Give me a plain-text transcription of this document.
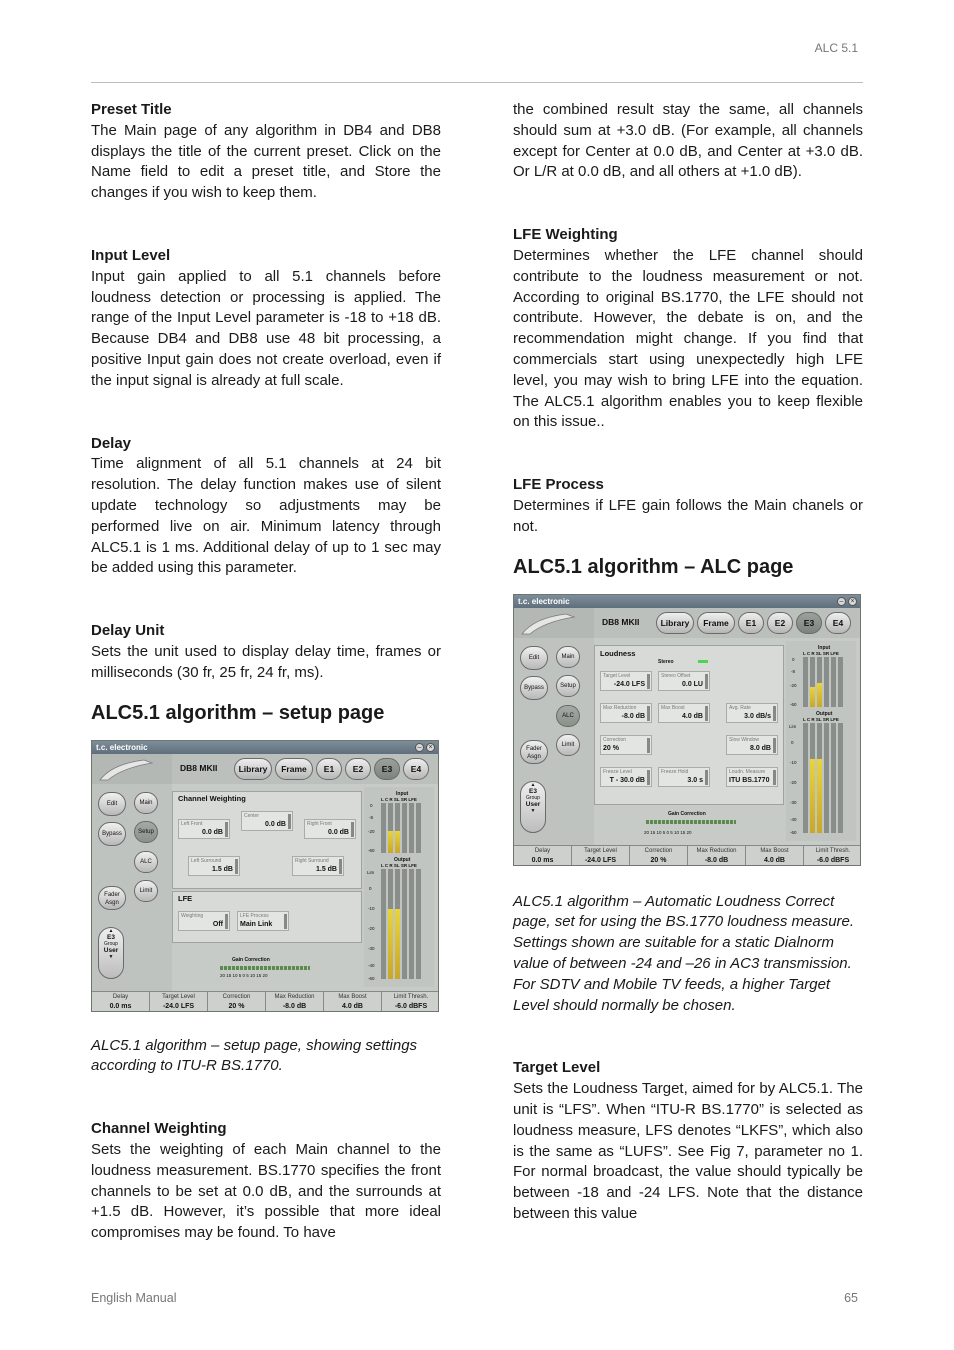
ALC 5.1
English Manual	65
Preset Title
The Main page of any algorithm in DB4 and DB8 displays the title of the current preset. Click on the Name field to edit a preset title, and Store the changes if you wish to keep them.
Input Level
Input gain applied to all 5.1 channels before loudness detection or processing is applied. The range of the Input Level parameter is -18 to +18 dB. Because DB4 and DB8 use 48 bit processing, a positive Input gain does not create overload, even if the input signal is already at full scale.
Delay
Time alignment of all 5.1 channels at 24 bit resolution. The delay function makes use of silent update technology so adjustments may be performed live on air. Minimum latency through ALC5.1 is 1 ms. Additional delay of up to 1 sec may be added using this parameter.
Delay Unit
Sets the unit used to display delay time, frames or milliseconds (30 fr, 25 fr, 24 fr, ms).
ALC5.1 algorithm – setup page
t.c. electronic	–	×
DB8 MKII	Library	Frame	E1	E2	E3	E4
Edit
Bypass
Fader Asgn
▲
E3
Group
User
▼
Main
Setup
ALC
Limit
Channel Weighting
Left Front
0.0 dB
Center
0.0 dB	Right Front
0.0 dB
Left Surround
1.5 dB
Right Surround
1.5 dB
LFE
Weighting
Off
LFE Process
Main Link
Input
L C R SL SR LFE
Output
L C R SL SR LFE
0
-8
-20
-60
Lim
0
-10
-20
-30
-40
-60
Gain Correction
20 15 10 5 0 5 10 15 20
Delay
0.0 ms
Target Level
-24.0 LFS
Correction
20 %
Max Reduction
-8.0 dB
Max Boost
4.0 dB
Limit Thresh.
-6.0 dBFS
ALC5.1 algorithm – setup page, showing settings according to ITU-R BS.1770.
Channel Weighting
Sets the weighting of each Main channel to the loudness measurement. BS.1770 specifies the front channels to be set at 0.0 dB, and the surrounds at +1.5 dB. However, it’s possible that more ideal compromises may be found. To have
the combined result stay the same, all channels should sum at +3.0 dB. (For example, all channels except for Center at 0.0 dB, and Center at +3.0 dB. Or L/R at 0.0 dB, and all others at +1.0 dB).
LFE Weighting
Determines whether the LFE channel should contribute to the loudness measurement or not. According to original BS.1770, the LFE should not contribute. However, the debate is on, and the recommendation might change. If you find that commercials start using unexpectedly high LFE level, you may wish to bring LFE into the equation. The ALC5.1 algorithm enables you to keep flexible on this issue..
LFE Process
Determines if LFE gain follows the Main chanels or not.
ALC5.1 algorithm – ALC page
t.c. electronic	–	×
DB8 MKII	Library	Frame	E1	E2	E3	E4
Edit
Bypass
Fader Asgn
▲
E3
Group
User
▼
Main
Setup
ALC
Limit
Loudness
Stereo
Target Level
-24.0 LFS
Stereo Offset
0.0 LU
Max Reduction
-8.0 dB
Max Boost
4.0 dB
Avg. Rate
3.0 dB/s
Correction
20 %
Slow Window
8.0 dB
Freeze Level
T - 30.0 dB
Freeze Hold
3.0 s
Loudn. Measure
ITU BS.1770
Input
L C R SL SR LFE
Output
L C R SL SR LFE
0
-8
-20
-60
Lim
0
-10
-20
-30
-40
-60
Gain Correction
20 15 10 5 0 5 10 15 20
Delay
0.0 ms
Target Level
-24.0 LFS
Correction
20 %
Max Reduction
-8.0 dB
Max Boost
4.0 dB
Limit Thresh.
-6.0 dBFS
ALC5.1 algorithm – Automatic Loudness Correct page, set for using the BS.1770 loudness measure.
Settings shown are suitable for a static Dialnorm value of between -24 and –26 in AC3 transmission. For SDTV and Mobile TV feeds, a higher Target Level should normally be chosen.
Target Level
Sets the Loudness Target, aimed for by ALC5.1. The unit is “LFS”. When “ITU-R BS.1770” is selected as loudness measure, LFS denotes “LKFS”, which also is the same as “LUFS”. See Fig 7, parameter no 1. For normal broadcast, the value should typically be between -18 and -24 LFS. Note that the distance between this value
